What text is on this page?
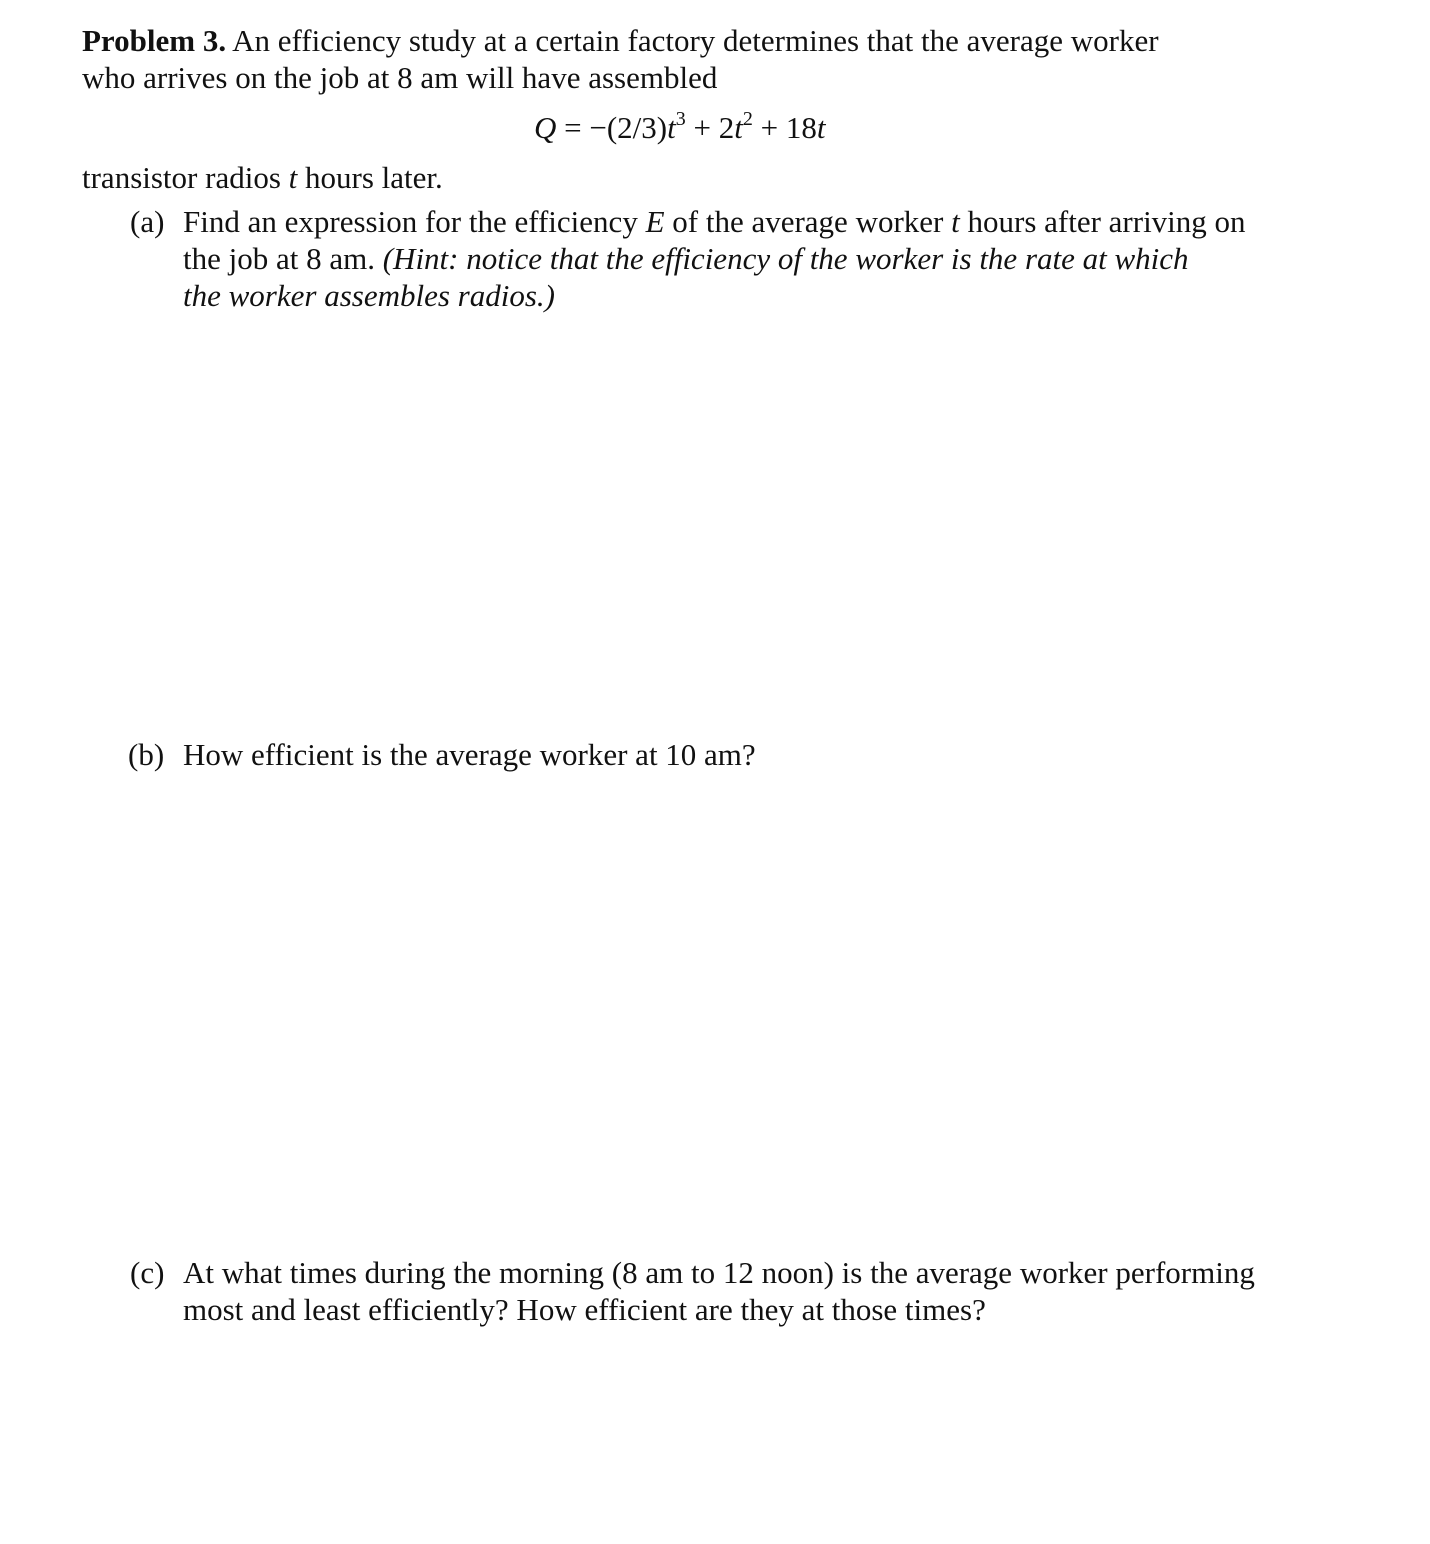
Problem 3. An efficiency study at a certain factory determines that the average worker
who arrives on the job at 8 am will have assembled
$Q = -(2/3)t^3 + 2t^2 + 18t$
transistor radios t hours later.
(a) Find an expression for the efficiency E of the average worker t hours after arriving on
the job at 8 am. (Hint: notice that the efficiency of the worker is the rate at which
the worker assembles radios.)
(b) How efficient is the average worker at 10 am?
(c) At what times during the morning (8 am to 12 noon) is the average worker performing
most and least efficiently? How efficient are they at those times?
